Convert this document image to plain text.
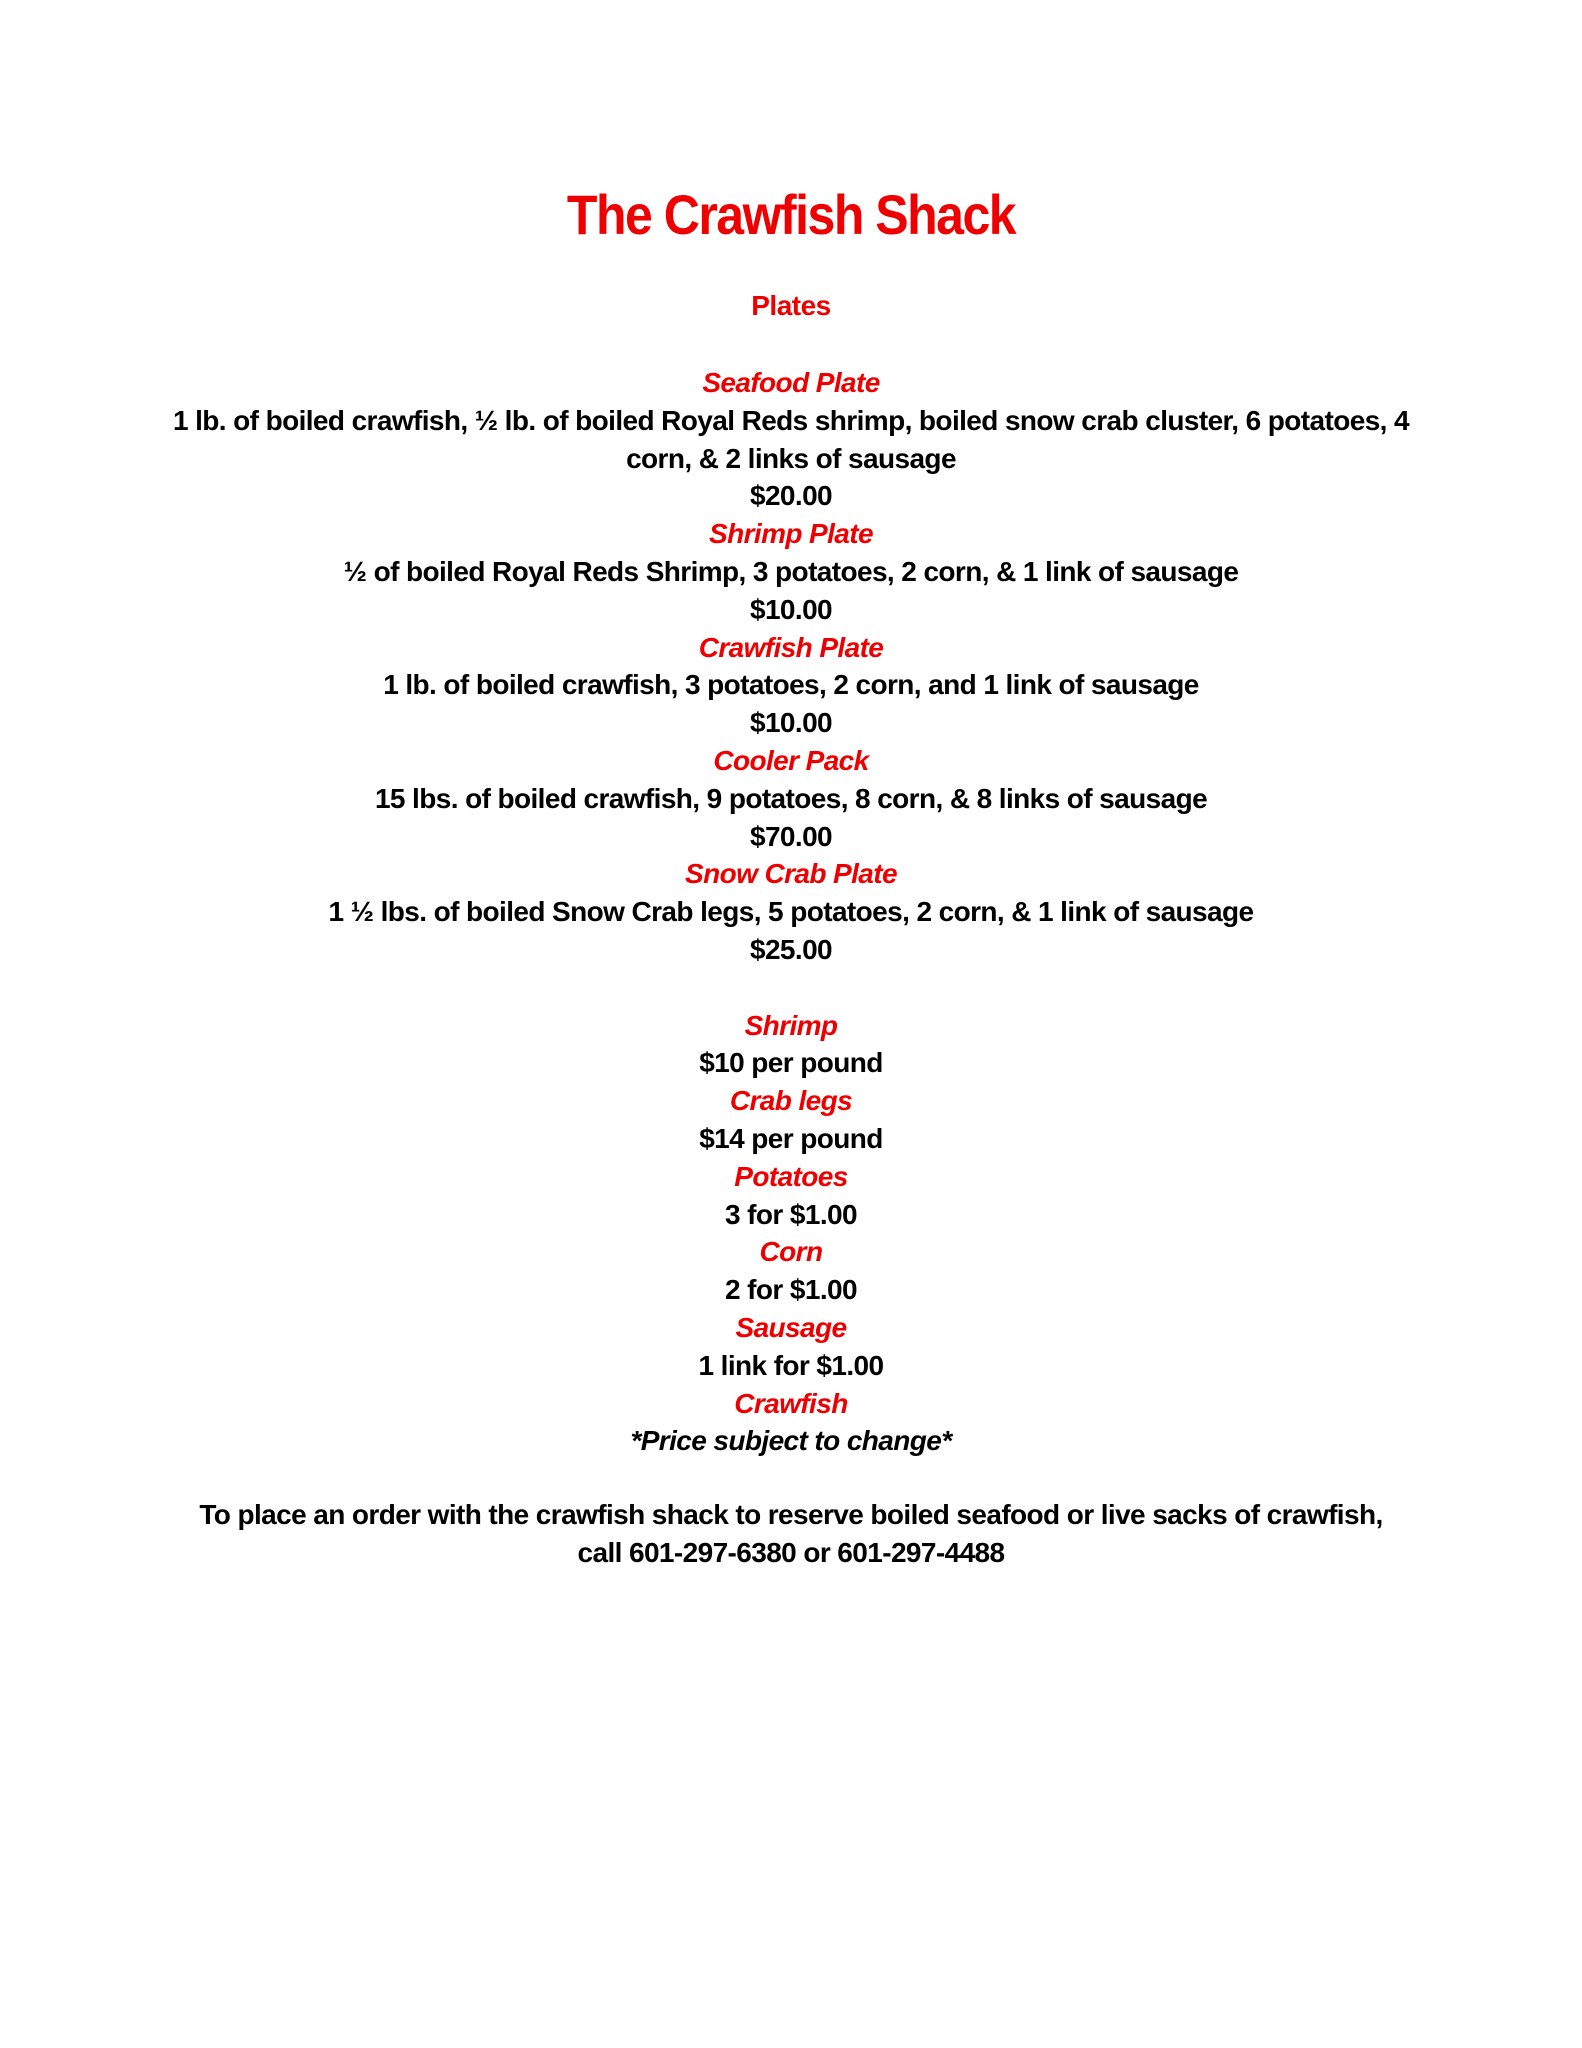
The Crawfish Shack
Plates
Seafood Plate
1 lb. of boiled crawfish, ½ lb. of boiled Royal Reds shrimp, boiled snow crab cluster, 6 potatoes, 4 corn, & 2 links of sausage
$20.00
Shrimp Plate
½ of boiled Royal Reds Shrimp, 3 potatoes, 2 corn, & 1 link of sausage
$10.00
Crawfish Plate
1 lb. of boiled crawfish, 3 potatoes, 2 corn, and 1 link of sausage
$10.00
Cooler Pack
15 lbs. of boiled crawfish, 9 potatoes, 8 corn, & 8 links of sausage
$70.00
Snow Crab Plate
1 ½ lbs. of boiled Snow Crab legs, 5 potatoes, 2 corn, & 1 link of sausage
$25.00
Shrimp
$10 per pound
Crab legs
$14 per pound
Potatoes
3 for $1.00
Corn
2 for $1.00
Sausage
1 link for $1.00
Crawfish
*Price subject to change*
To place an order with the crawfish shack to reserve boiled seafood or live sacks of crawfish,
call 601-297-6380 or 601-297-4488
